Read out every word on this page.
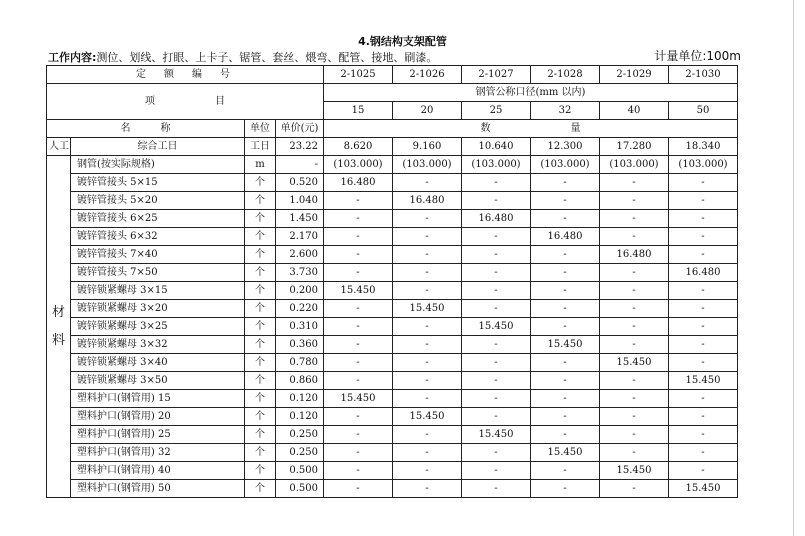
4.钢结构支架配管
工作内容:测位、划线、打眼、上卡子、锯管、套丝、煨弯、配管、接地、刷漆。	计量单位:100m
定　额　编　号				2-1025	2-1026	2-1027	2-1028	2-1029	2-1030
项　　　　　　目				钢管公称口径(mm 以内)					
				15	20	25	32	40	50
名　　　称		单位	单价(元)	数　　　　　　　　量					
人工	综合工日	工日	23.22	8.620	9.160	10.640	12.300	17.280	18.340

材
料	钢管(按实际规格)	m	-	(103.000)	(103.000)	(103.000)	(103.000)	(103.000)	(103.000)
	镀锌管接头 5×15	个	0.520	16.480	-	-	-	-	-
	镀锌管接头 5×20	个	1.040	-	16.480	-	-	-	-
	镀锌管接头 6×25	个	1.450	-	-	16.480	-	-	-
	镀锌管接头 6×32	个	2.170	-	-	-	16.480	-	-
	镀锌管接头 7×40	个	2.600	-	-	-	-	16.480	-
	镀锌管接头 7×50	个	3.730	-	-	-	-	-	16.480
	镀锌锁紧螺母 3×15	个	0.200	15.450	-	-	-	-	-
	镀锌锁紧螺母 3×20	个	0.220	-	15.450	-	-	-	-
	镀锌锁紧螺母 3×25	个	0.310	-	-	15.450	-	-	-
	镀锌锁紧螺母 3×32	个	0.360	-	-	-	15.450	-	-
	镀锌锁紧螺母 3×40	个	0.780	-	-	-	-	15.450	-
	镀锌锁紧螺母 3×50	个	0.860	-	-	-	-	-	15.450
	塑料护口(钢管用) 15	个	0.120	15.450	-	-	-	-	-
	塑料护口(钢管用) 20	个	0.120	-	15.450	-	-	-	-
	塑料护口(钢管用) 25	个	0.250	-	-	15.450	-	-	-
	塑料护口(钢管用) 32	个	0.250	-	-	-	15.450	-	-
	塑料护口(钢管用) 40	个	0.500	-	-	-	-	15.450	-
	塑料护口(钢管用) 50	个	0.500	-	-	-	-	-	15.450
